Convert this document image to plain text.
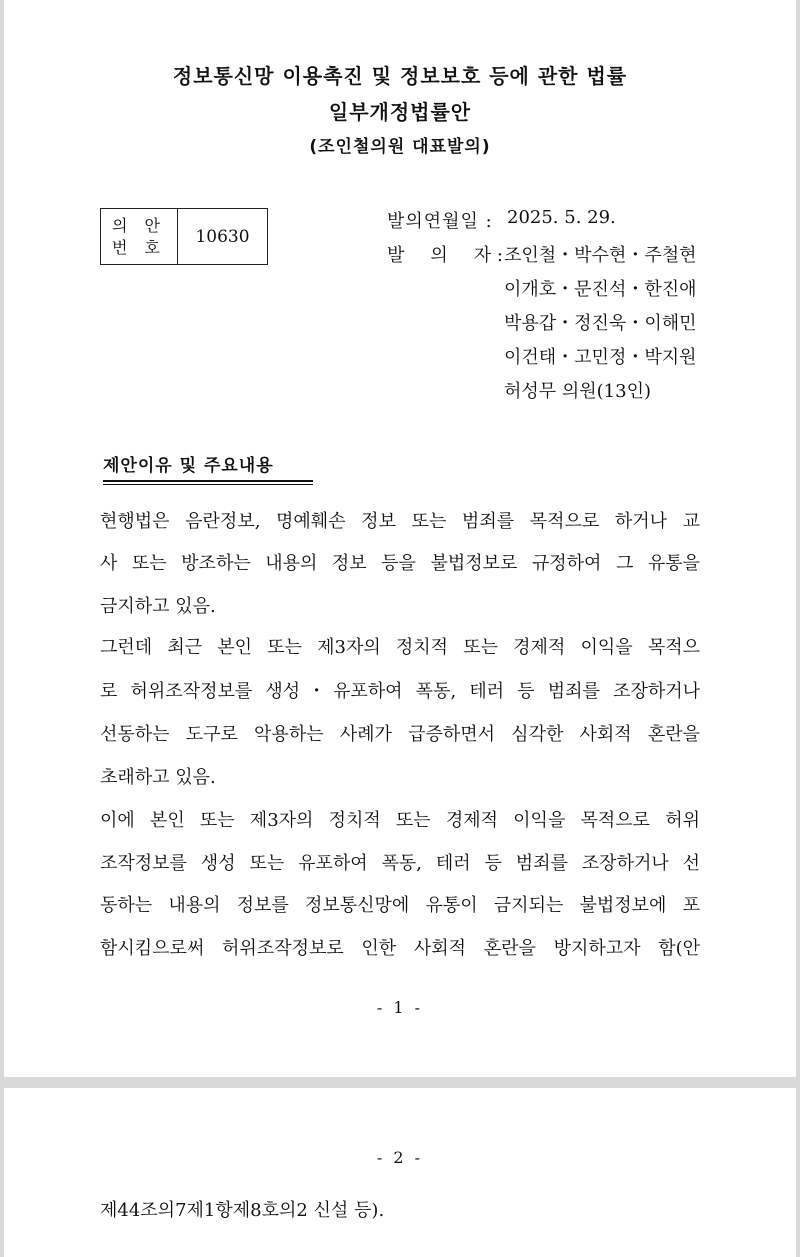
정보통신망 이용촉진 및 정보보호 등에 관한 법률
일부개정법률안
(조인철의원 대표발의)
의 안
번 호
10630
발의연월일 : 2025. 5. 29.
발 의 자 : 조인철・박수현・주철현
이개호・문진석・한진애
박용갑・정진욱・이해민
이건태・고민정・박지원
허성무 의원(13인)
제안이유 및 주요내용
현행법은 음란정보, 명예훼손 정보 또는 범죄를 목적으로 하거나 교
사 또는 방조하는 내용의 정보 등을 불법정보로 규정하여 그 유통을
금지하고 있음.
그런데 최근 본인 또는 제3자의 정치적 또는 경제적 이익을 목적으
로 허위조작정보를 생성・유포하여 폭동, 테러 등 범죄를 조장하거나
선동하는 도구로 악용하는 사례가 급증하면서 심각한 사회적 혼란을
초래하고 있음.
이에 본인 또는 제3자의 정치적 또는 경제적 이익을 목적으로 허위
조작정보를 생성 또는 유포하여 폭동, 테러 등 범죄를 조장하거나 선
동하는 내용의 정보를 정보통신망에 유통이 금지되는 불법정보에 포
함시킴으로써 허위조작정보로 인한 사회적 혼란을 방지하고자 함(안
- 1 -
- 2 -
제44조의7제1항제8호의2 신설 등).
